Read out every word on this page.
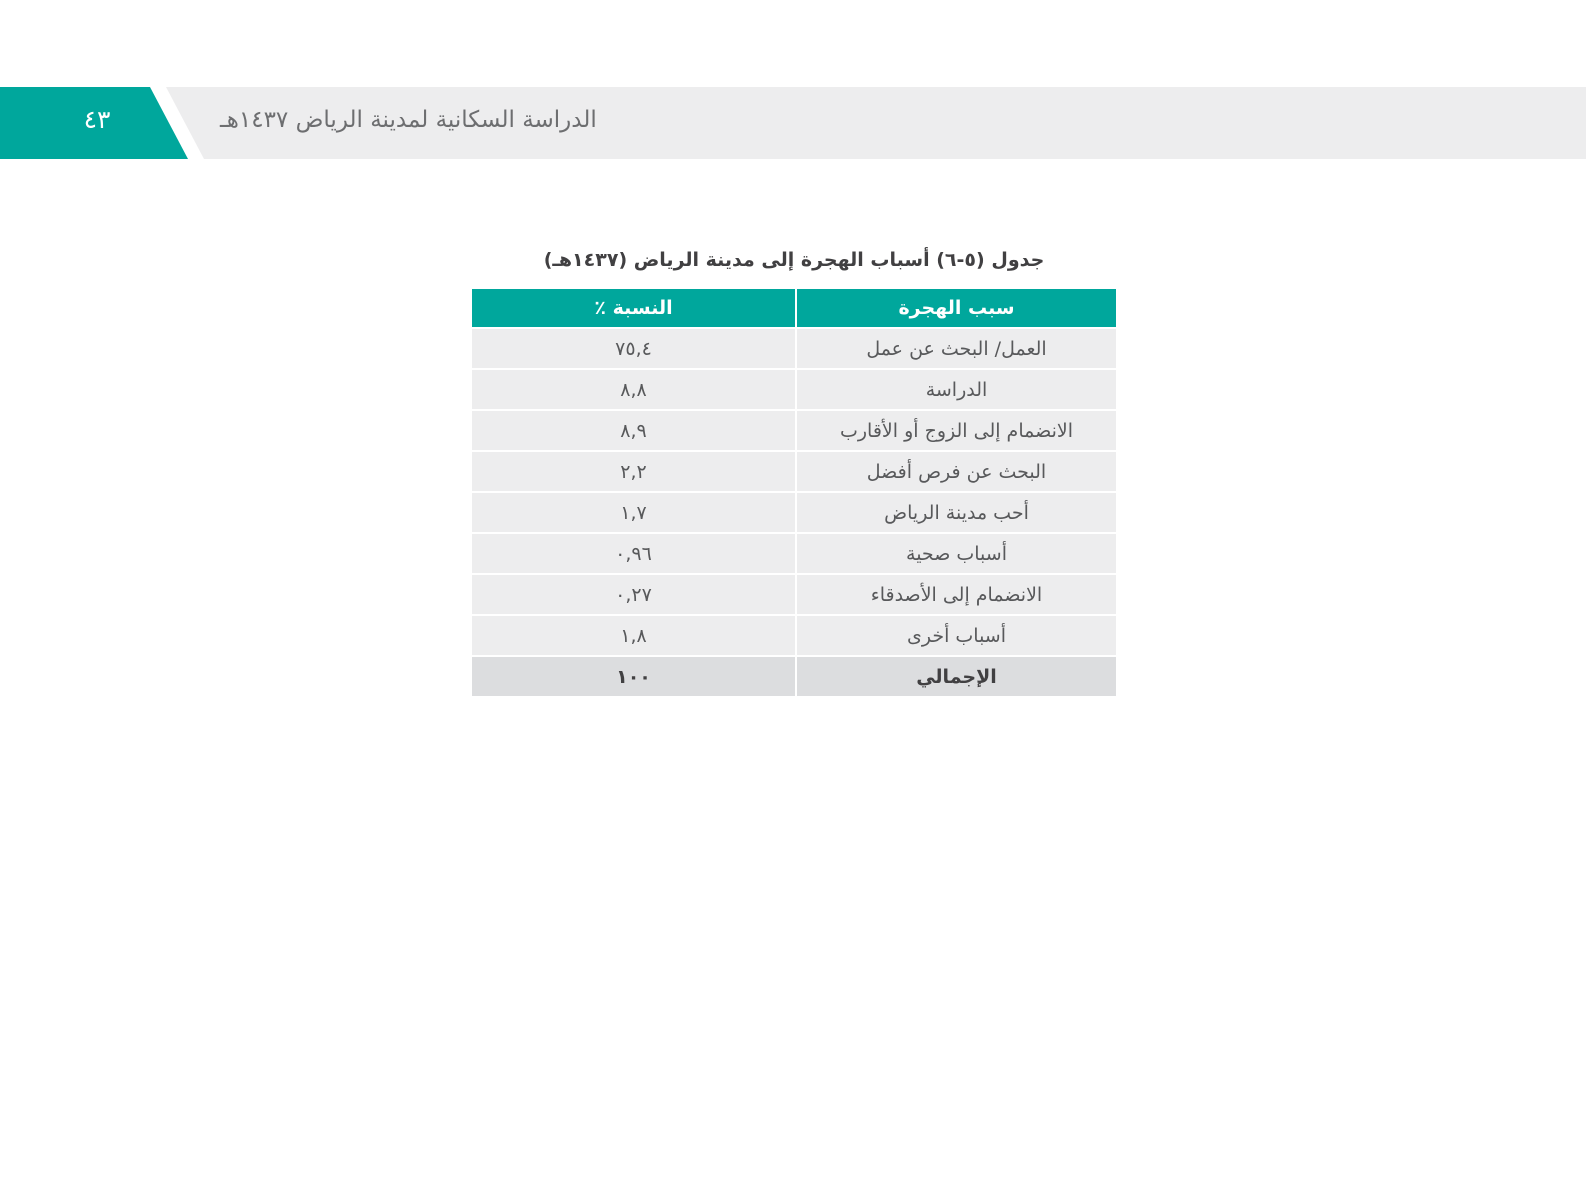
٤٣	الدراسة السكانية لمدينة الرياض ١٤٣٧هـ
جدول (٥-٦) أسباب الهجرة إلى مدينة الرياض (١٤٣٧هـ)
سبب الهجرة	النسبة ٪
العمل/ البحث عن عمل	٧٥,٤
الدراسة	٨,٨
الانضمام إلى الزوج أو الأقارب	٨,٩
البحث عن فرص أفضل	٢,٢
أحب مدينة الرياض	١,٧
أسباب صحية	٠,٩٦
الانضمام إلى الأصدقاء	٠,٢٧
أسباب أخرى	١,٨
الإجمالي	١٠٠
